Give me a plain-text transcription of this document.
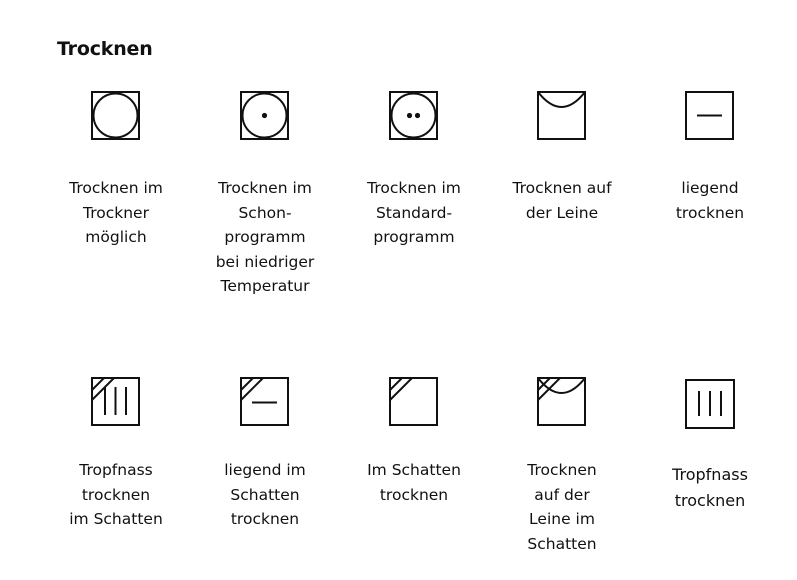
Trocknen
Trocknen im
Trockner
möglich
Trocknen im
Schon-
programm
bei niedriger
Temperatur
Trocknen im
Standard-
programm
Trocknen auf
der Leine
liegend
trocknen
Tropfnass
trocknen
im Schatten
liegend im
Schatten
trocknen
Im Schatten
trocknen
Trocknen
auf der
Leine im
Schatten
Tropfnass
trocknen
